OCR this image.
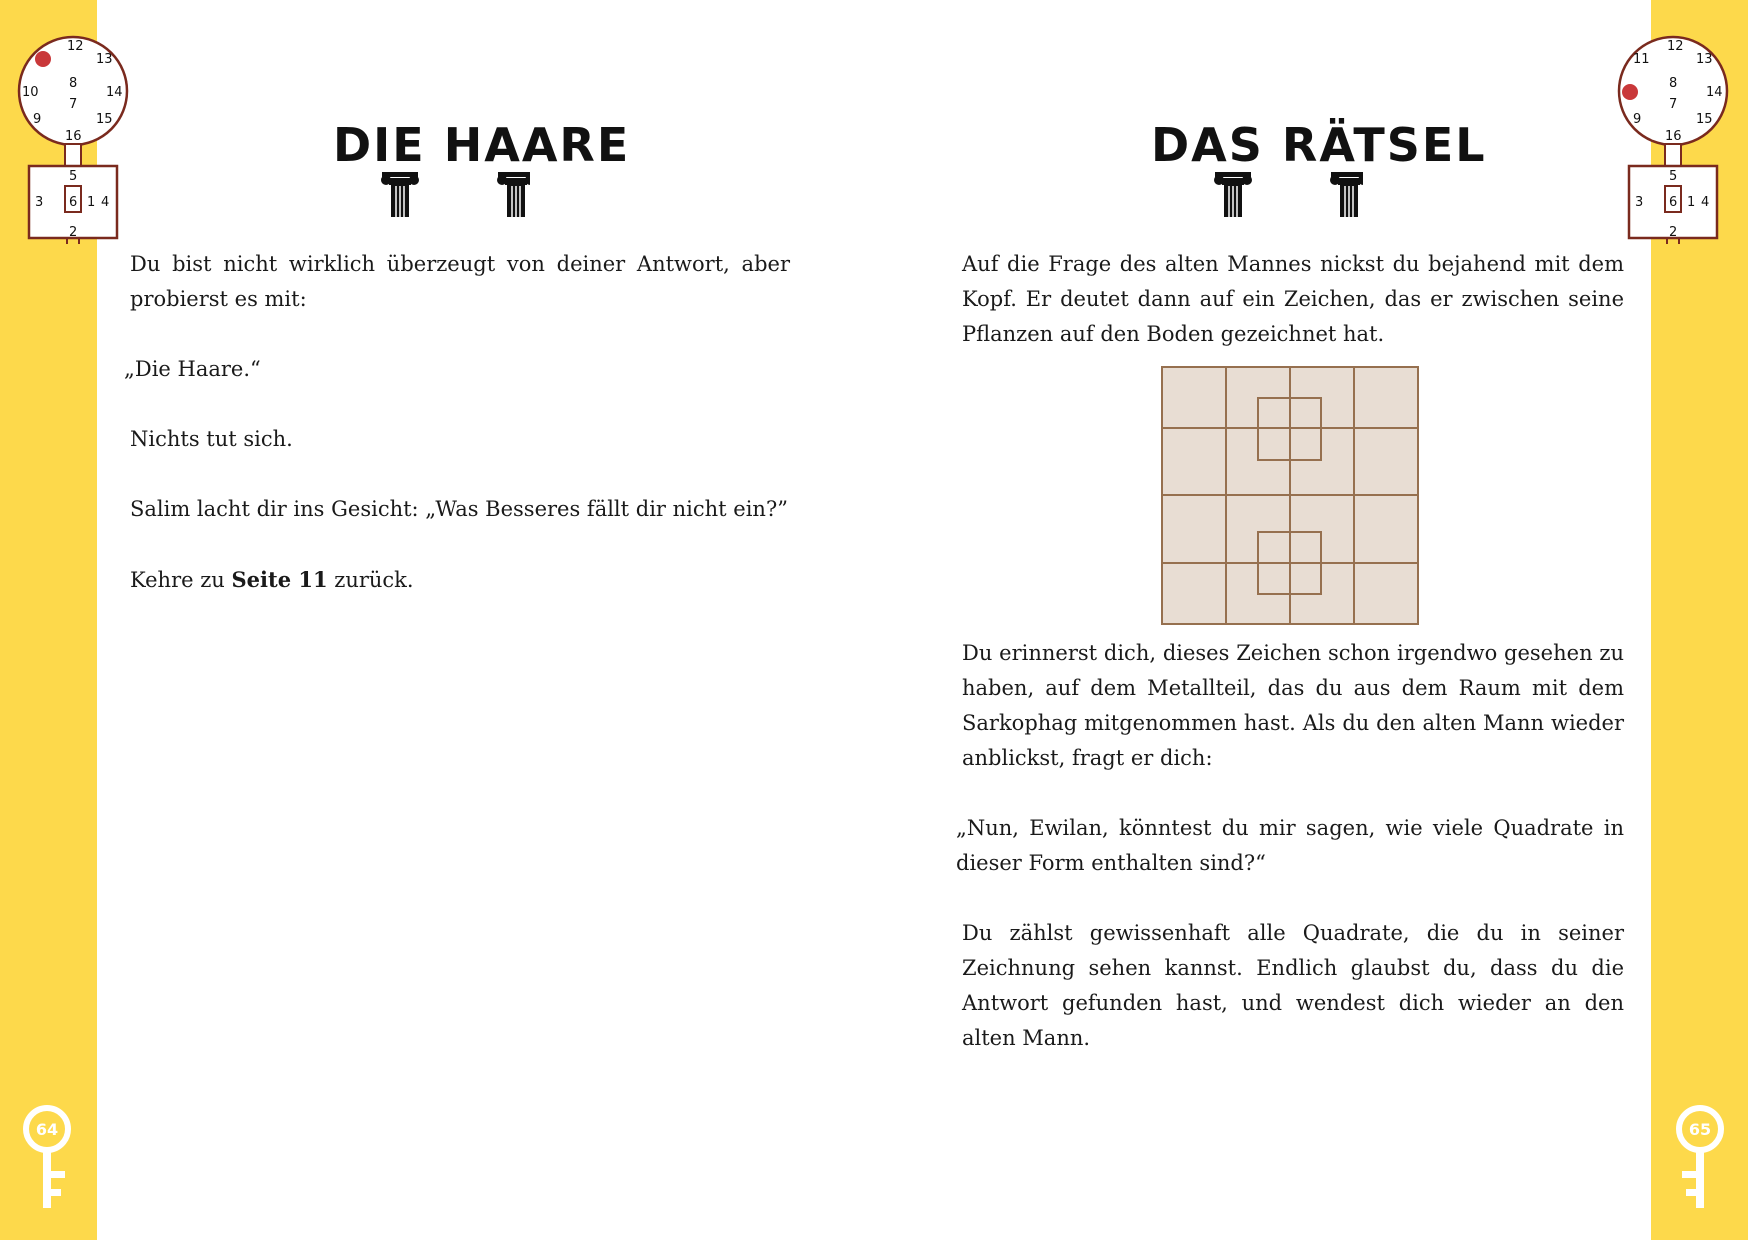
12
13
14
15
16
9
10
8
7
5
3 6 1 4
2
12
13
14
15
16
9
11
8
7
5
3 6 1 4
2
64	65
DIE HAARE	DAS RÄTSEL

Du bist nicht wirklich überzeugt von deiner Antwort, aber probierst es mit:

„Die Haare.“

Nichts tut sich.

Salim lacht dir ins Gesicht: „Was Besseres fällt dir nicht ein?”

Kehre zu Seite 11 zurück.

Auf die Frage des alten Mannes nickst du bejahend mit dem Kopf. Er deutet dann auf ein Zeichen, das er zwischen seine Pflanzen auf den Boden gezeichnet hat.

Du erinnerst dich, dieses Zeichen schon irgendwo gesehen zu haben, auf dem Metallteil, das du aus dem Raum mit dem Sarkophag mitgenommen hast. Als du den alten Mann wieder anblickst, fragt er dich:

„Nun, Ewilan, könntest du mir sagen, wie viele Quadrate in dieser Form enthalten sind?“

Du zählst gewissenhaft alle Quadrate, die du in seiner Zeichnung sehen kannst. Endlich glaubst du, dass du die Antwort gefunden hast, und wendest dich wieder an den alten Mann.
